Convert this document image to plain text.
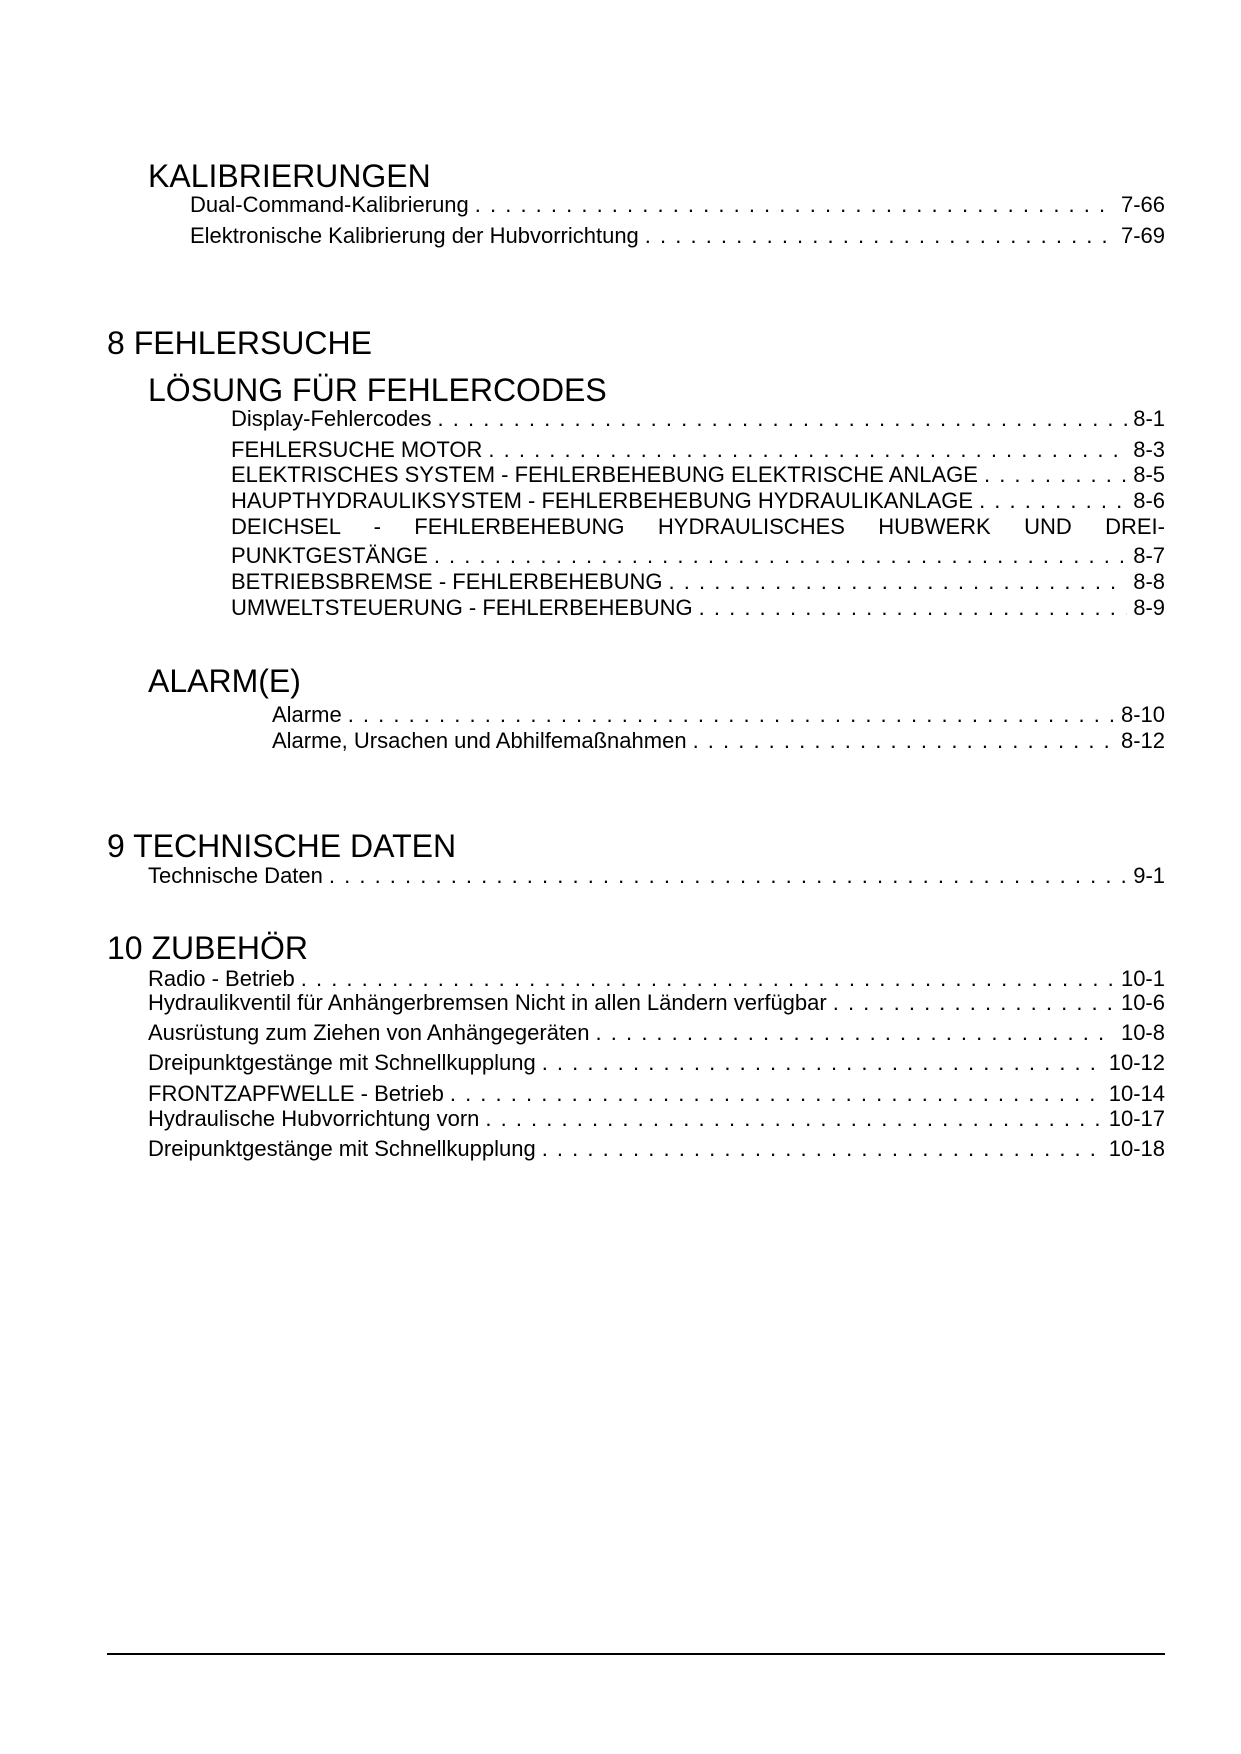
KALIBRIERUNGEN
Dual-Command-Kalibrierung . . .	7-66
Elektronische Kalibrierung der Hubvorrichtung . . .	7-69
8 FEHLERSUCHE
LÖSUNG FÜR FEHLERCODES
Display-Fehlercodes . . .	8-1
FEHLERSUCHE MOTOR . . .	8-3
ELEKTRISCHES SYSTEM - FEHLERBEHEBUNG ELEKTRISCHE ANLAGE . . .	8-5
HAUPTHYDRAULIKSYSTEM - FEHLERBEHEBUNG HYDRAULIKANLAGE . . .	8-6
DEICHSEL - FEHLERBEHEBUNG HYDRAULISCHES HUBWERK UND DREI-
PUNKTGESTÄNGE . . .	8-7
BETRIEBSBREMSE - FEHLERBEHEBUNG . . .	8-8
UMWELTSTEUERUNG - FEHLERBEHEBUNG . . .	8-9
ALARM(E)
Alarme . . .	8-10
Alarme, Ursachen und Abhilfemaßnahmen . . .	8-12
9 TECHNISCHE DATEN
Technische Daten . . .	9-1
10 ZUBEHÖR
Radio - Betrieb . . .	10-1
Hydraulikventil für Anhängerbremsen Nicht in allen Ländern verfügbar . . .	10-6
Ausrüstung zum Ziehen von Anhängegeräten . . .	10-8
Dreipunktgestänge mit Schnellkupplung . . .	10-12
FRONTZAPFWELLE - Betrieb . . .	10-14
Hydraulische Hubvorrichtung vorn . . .	10-17
Dreipunktgestänge mit Schnellkupplung . . .	10-18
